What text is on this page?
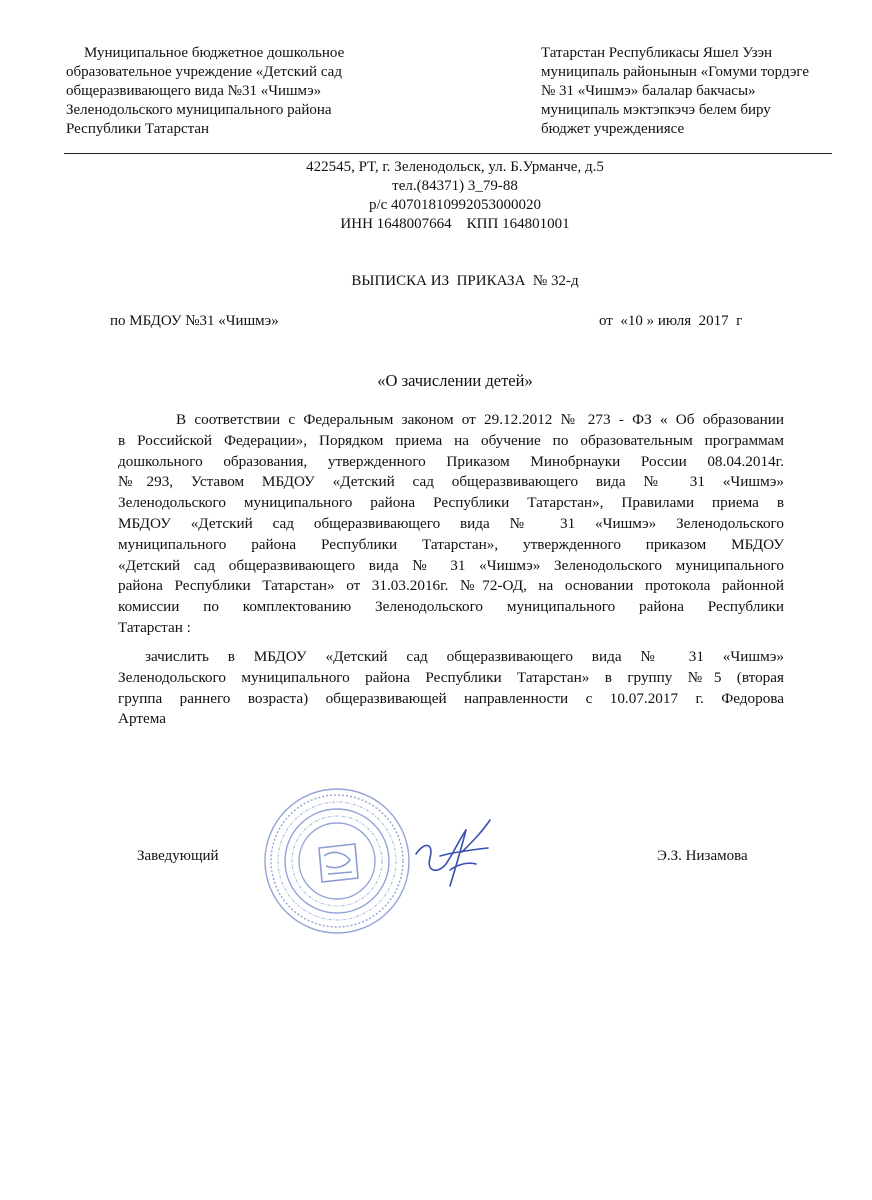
Муниципальное бюджетное дошкольное
образовательное учреждение «Детский сад
общеразвивающего вида №31 «Чишмэ»
Зеленодольского муниципального района
Республики Татарстан
Татарстан Республикасы Яшел Узэн
муниципаль районынын «Гомуми тордэге
№ 31 «Чишмэ» балалар бакчасы»
муниципаль мэктэпкэчэ белем биру
бюджет учреждениясе
422545, РТ, г. Зеленодольск, ул. Б.Урманче, д.5
тел.(84371) 3_79-88
р/с 40701810992053000020
ИНН 1648007664    КПП 164801001
ВЫПИСКА ИЗ  ПРИКАЗА  № 32-д
по МБДОУ №31 «Чишмэ»	от  «10 » июля  2017  г
«О зачислении детей»
В соответствии с Федеральным законом от 29.12.2012 № 273 - ФЗ « Об образовании
в Российской Федерации», Порядком приема на обучение по образовательным программам
дошкольного образования, утвержденного Приказом Минобрнауки России 08.04.2014г.
№293, Уставом МБДОУ «Детский сад общеразвивающего вида № 31 «Чишмэ»
Зеленодольского муниципального района Республики Татарстан», Правилами приема в
МБДОУ «Детский сад общеразвивающего вида № 31 «Чишмэ» Зеленодольского
муниципального района Республики Татарстан», утвержденного приказом МБДОУ
«Детский сад общеразвивающего вида № 31 «Чишмэ» Зеленодольского муниципального
района Республики Татарстан» от 31.03.2016г. №72-ОД, на основании протокола районной
комиссии по комплектованию Зеленодольского муниципального района Республики
Татарстан :
зачислить в МБДОУ «Детский сад общеразвивающего вида № 31 «Чишмэ»
Зеленодольского муниципального района Республики Татарстан» в группу №5 (вторая
группа раннего возраста) общеразвивающей направленности с 10.07.2017 г. Федорова
Артема
Заведующий	Э.З. Низамова
